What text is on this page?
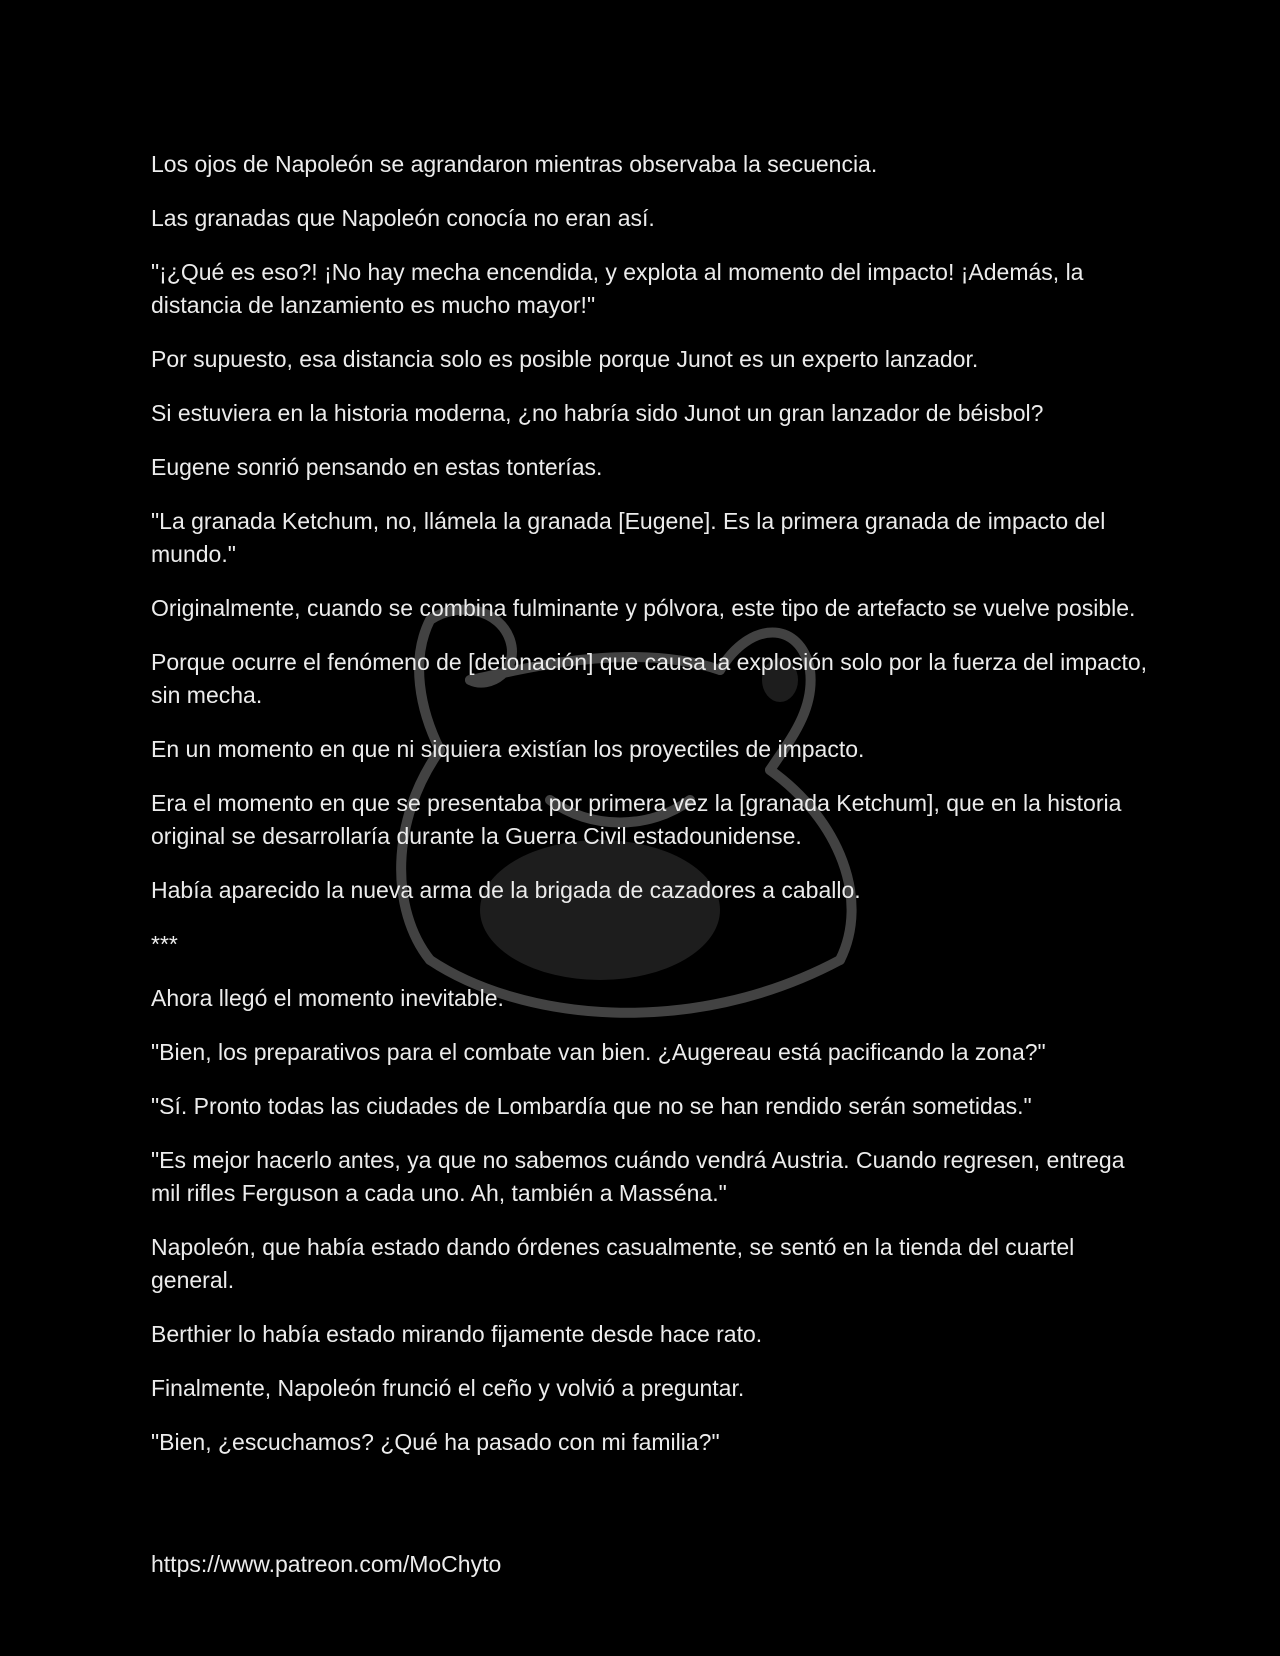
Los ojos de Napoleón se agrandaron mientras observaba la secuencia.

Las granadas que Napoleón conocía no eran así.

"¡¿Qué es eso?! ¡No hay mecha encendida, y explota al momento del impacto! ¡Además, la distancia de lanzamiento es mucho mayor!"

Por supuesto, esa distancia solo es posible porque Junot es un experto lanzador.

Si estuviera en la historia moderna, ¿no habría sido Junot un gran lanzador de béisbol?

Eugene sonrió pensando en estas tonterías.

"La granada Ketchum, no, llámela la granada [Eugene]. Es la primera granada de impacto del mundo."

Originalmente, cuando se combina fulminante y pólvora, este tipo de artefacto se vuelve posible.

Porque ocurre el fenómeno de [detonación] que causa la explosión solo por la fuerza del impacto, sin mecha.

En un momento en que ni siquiera existían los proyectiles de impacto.

Era el momento en que se presentaba por primera vez la [granada Ketchum], que en la historia original se desarrollaría durante la Guerra Civil estadounidense.

Había aparecido la nueva arma de la brigada de cazadores a caballo.

***

Ahora llegó el momento inevitable.

"Bien, los preparativos para el combate van bien. ¿Augereau está pacificando la zona?"

"Sí. Pronto todas las ciudades de Lombardía que no se han rendido serán sometidas."

"Es mejor hacerlo antes, ya que no sabemos cuándo vendrá Austria. Cuando regresen, entrega mil rifles Ferguson a cada uno. Ah, también a Masséna."

Napoleón, que había estado dando órdenes casualmente, se sentó en la tienda del cuartel general.

Berthier lo había estado mirando fijamente desde hace rato.

Finalmente, Napoleón frunció el ceño y volvió a preguntar.

"Bien, ¿escuchamos? ¿Qué ha pasado con mi familia?"

https://www.patreon.com/MoChyto
